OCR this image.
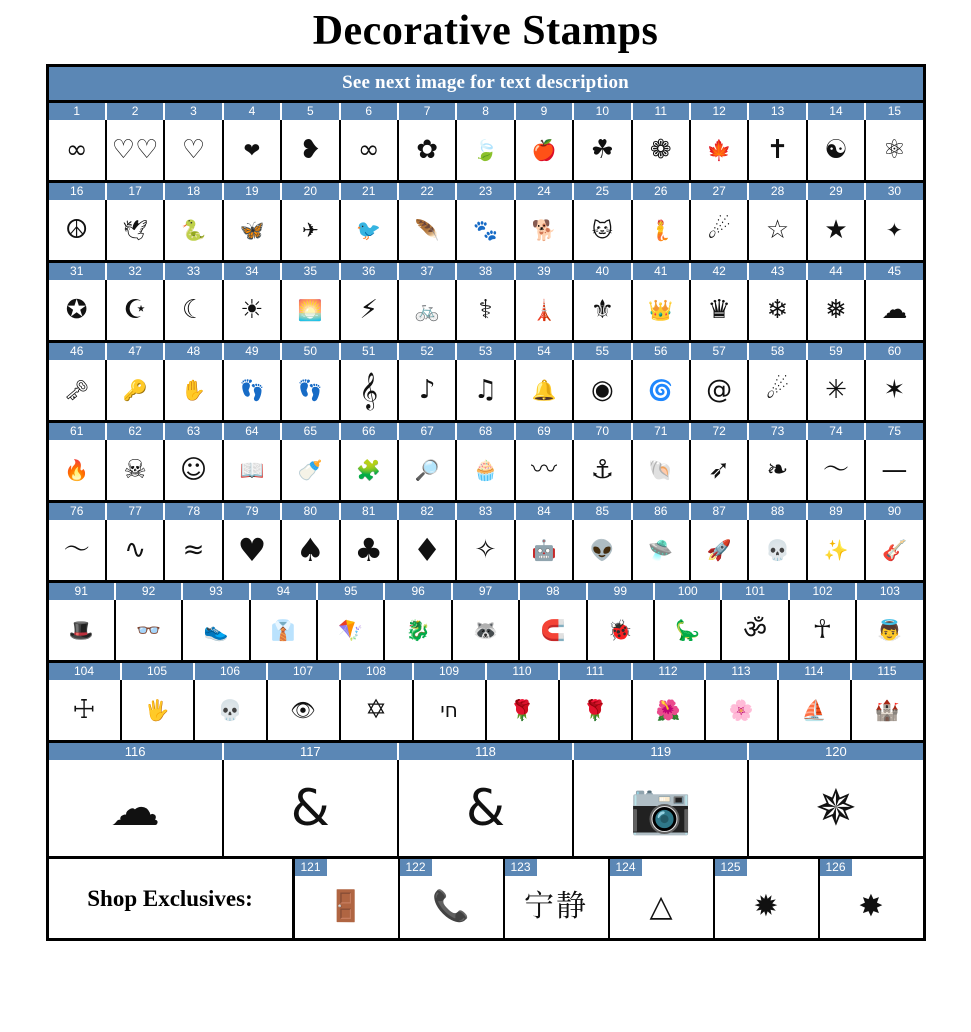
Decorative Stamps
See next image for text description
1	2	3	4	5	6	7	8	9	10	11	12	13	14	15
∞ ♡♡ ♡ ❤ ❥ ∞ ✿ 🍃 🍎 ☘ ❁ 🍁 ✝ ☯ ⚛
16	17	18	19	20	21	22	23	24	25	26	27	28	29	30
☮ 🕊 🐍 🦋 ✈ 🐦 🪶 🐾 🐕 🐱 🧜 ☄ ☆ ★ ✦
31	32	33	34	35	36	37	38	39	40	41	42	43	44	45
✪ ☪ ☾ ☀ 🌅 ⚡ 🚲 ⚕ 🗼 ⚜ 👑 ♛ ❄ ❅ ☁
46	47	48	49	50	51	52	53	54	55	56	57	58	59	60
🗝 🔑 ✋ 👣 👣 𝄞 ♪ ♫ 🔔 ◉ 🌀 @ ☄ ✳ ✶
61	62	63	64	65	66	67	68	69	70	71	72	73	74	75
🔥 ☠ ☺ 📖 🍼 🧩 🔎 🧁 〰 ⚓ 🐚 ➶ ❧ ～ —
76	77	78	79	80	81	82	83	84	85	86	87	88	89	90
〜 ∿ ≈ ♥ ♠ ♣ ♦ ✧ 🤖 👽 🛸 🚀 💀 ✨ 🎸
91	92	93	94	95	96	97	98	99	100	101	102	103
🎩 👓 👟 👔 🪁 🐉 🦝 🧲 🐞 🦕 ॐ ☥ 👼
104	105	106	107	108	109	110	111	112	113	114	115
☩ 🖐 💀 👁 ✡	חי	🌹 🌹 🌺 🌸 ⛵ 🏰
116	117	118	119	120
☁	&	& 📷 ✵
Shop Exclusives:
121
🚪
122
📞
123
宁静
124
△
125
✹
126
✸
